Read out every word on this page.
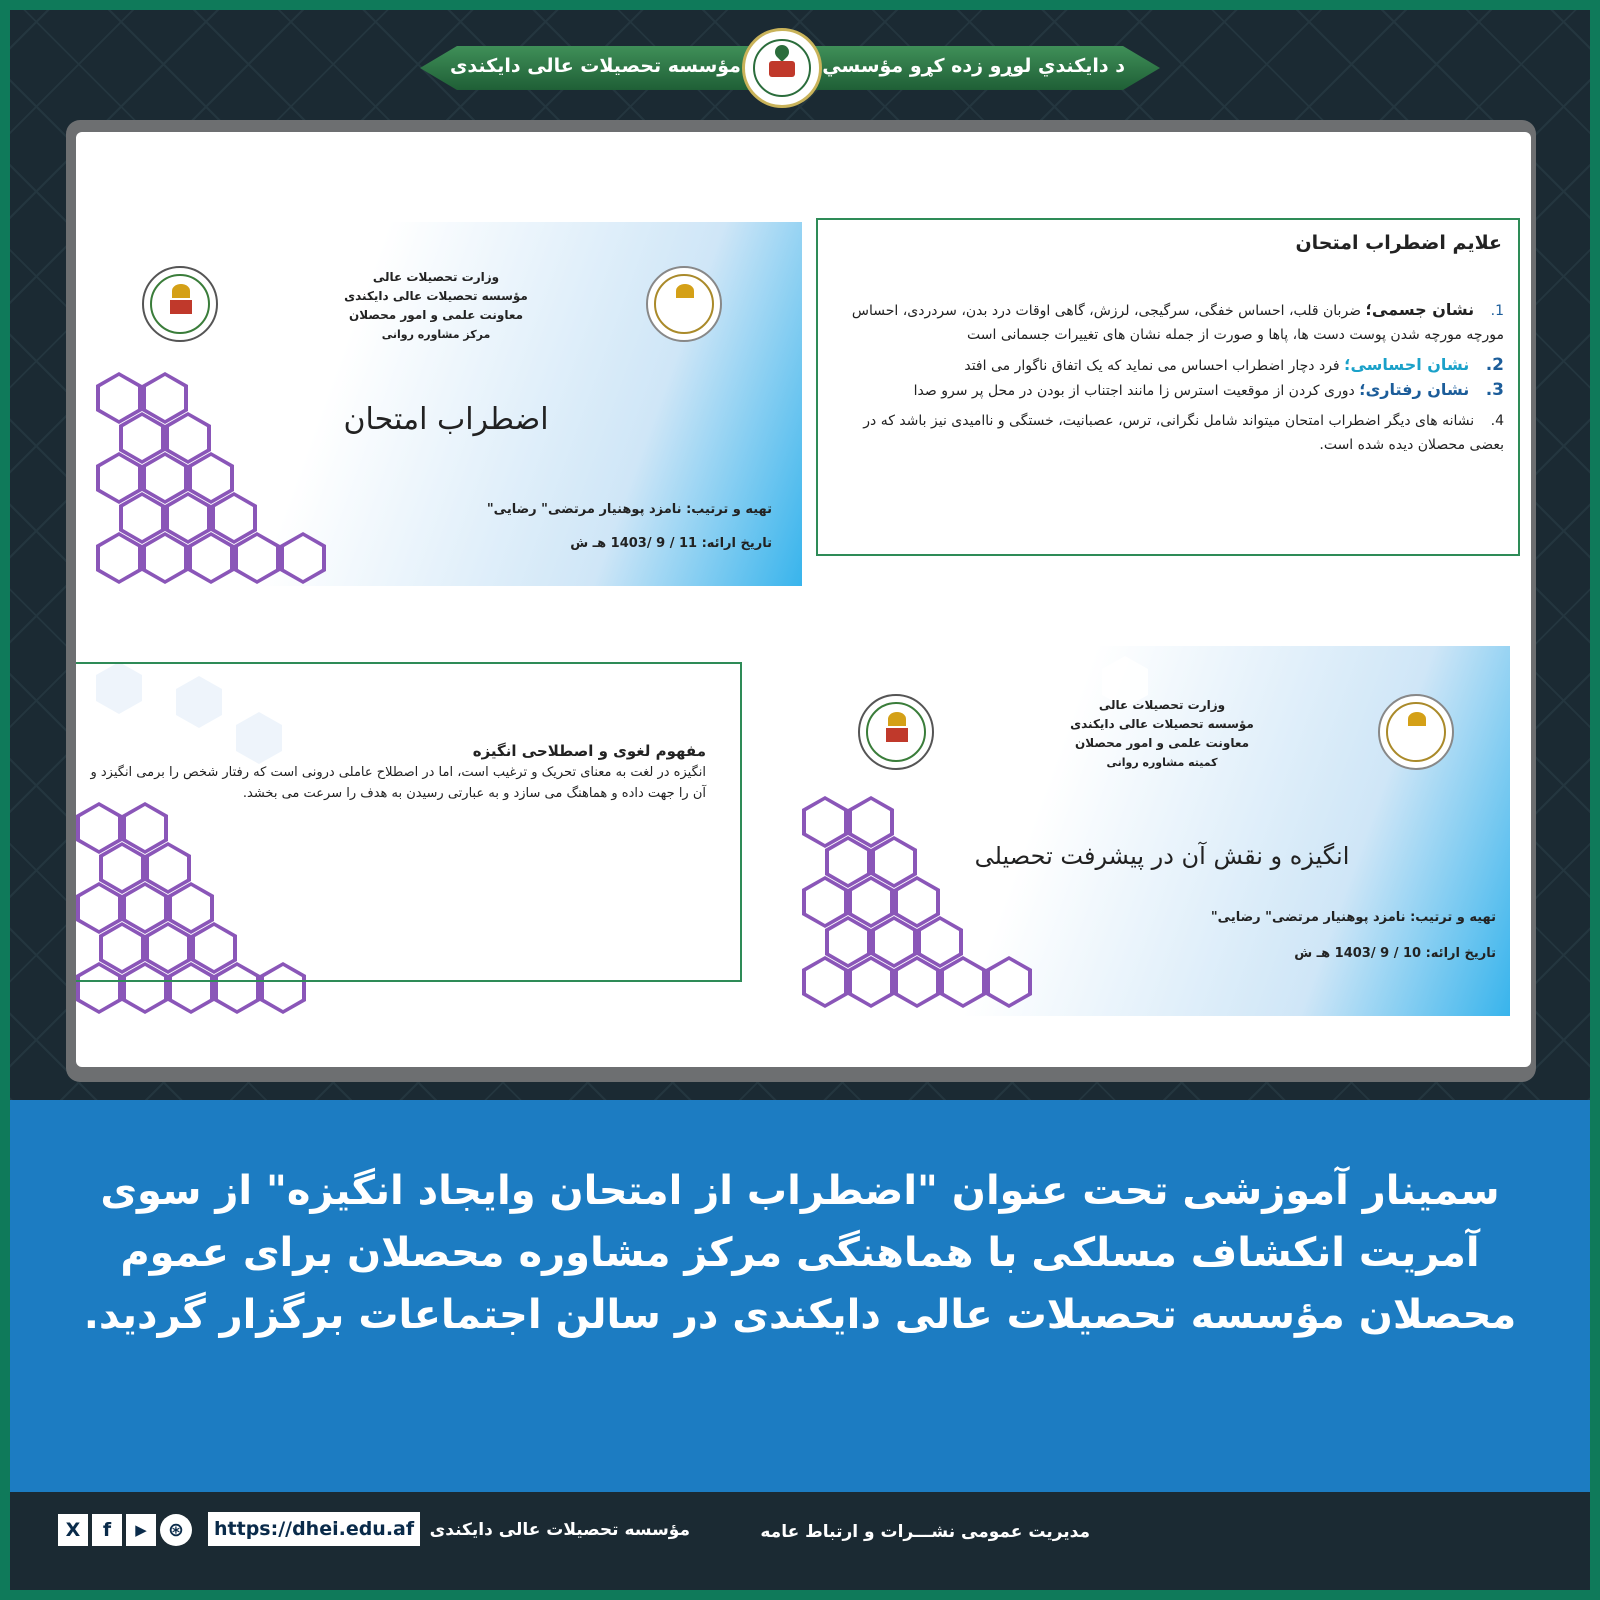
د دایکندي لوړو زده کړو مؤسسي
مؤسسه تحصیلات عالی دایکندی
وزارت تحصیلات عالی
مؤسسه تحصیلات عالی دایکندی
معاونت علمی و امور محصلان
مرکز مشاوره روانی
اضطراب امتحان
تهیه و ترتیب: نامزد پوهنیار مرتضی" رضایی"
تاریخ ارائه: 11 / 9 /1403 هـ ش
علایم اضطراب امتحان
1. نشان جسمی؛ ضربان قلب، احساس خفگی، سرگیجی، لرزش، گاهی اوقات درد بدن، سردردی، احساس مورچه مورچه شدن پوست دست ها، پاها و صورت از جمله نشان های تغییرات جسمانی است
2. نشان احساسی؛ فرد دچار اضطراب احساس می نماید که یک اتفاق ناگوار می افتد
3. نشان رفتاری؛ دوری کردن از موقعیت استرس زا مانند اجتناب از بودن در محل پر سرو صدا
4. نشانه های دیگر اضطراب امتحان میتواند شامل نگرانی، ترس، عصبانیت، خستگی و ناامیدی نیز باشد که در بعضی محصلان دیده شده است.
مفهوم لغوی و اصطلاحی انگیزه
انگیزه در لغت به معنای تحریک و ترغیب است، اما در اصطلاح عاملی درونی است که رفتار شخص را برمی انگیزد و آن را جهت داده و هماهنگ می سازد و به عبارتی رسیدن به هدف را سرعت می بخشد.
وزارت تحصیلات عالی
مؤسسه تحصیلات عالی دایکندی
معاونت علمی و امور محصلان
کمیته مشاوره روانی
انگیزه و نقش آن در پیشرفت تحصیلی
تهیه و ترتیب: نامزد پوهنیار مرتضی" رضایی"
تاریخ ارائه: 10 / 9 /1403 هـ ش
سمینار آموزشی تحت عنوان "اضطراب از امتحان وایجاد انگیزه" از سوی آمریت انکشاف مسلکی با هماهنگی مرکز مشاوره محصلان برای عموم محصلان مؤسسه تحصیلات عالی دایکندی در سالن اجتماعات برگزار گردید.
X	f	▶	⊛	https://dhei.edu.af مؤسسه تحصیلات عالی دایکندی	مدیریت عمومی نشـــرات و ارتباط عامه
